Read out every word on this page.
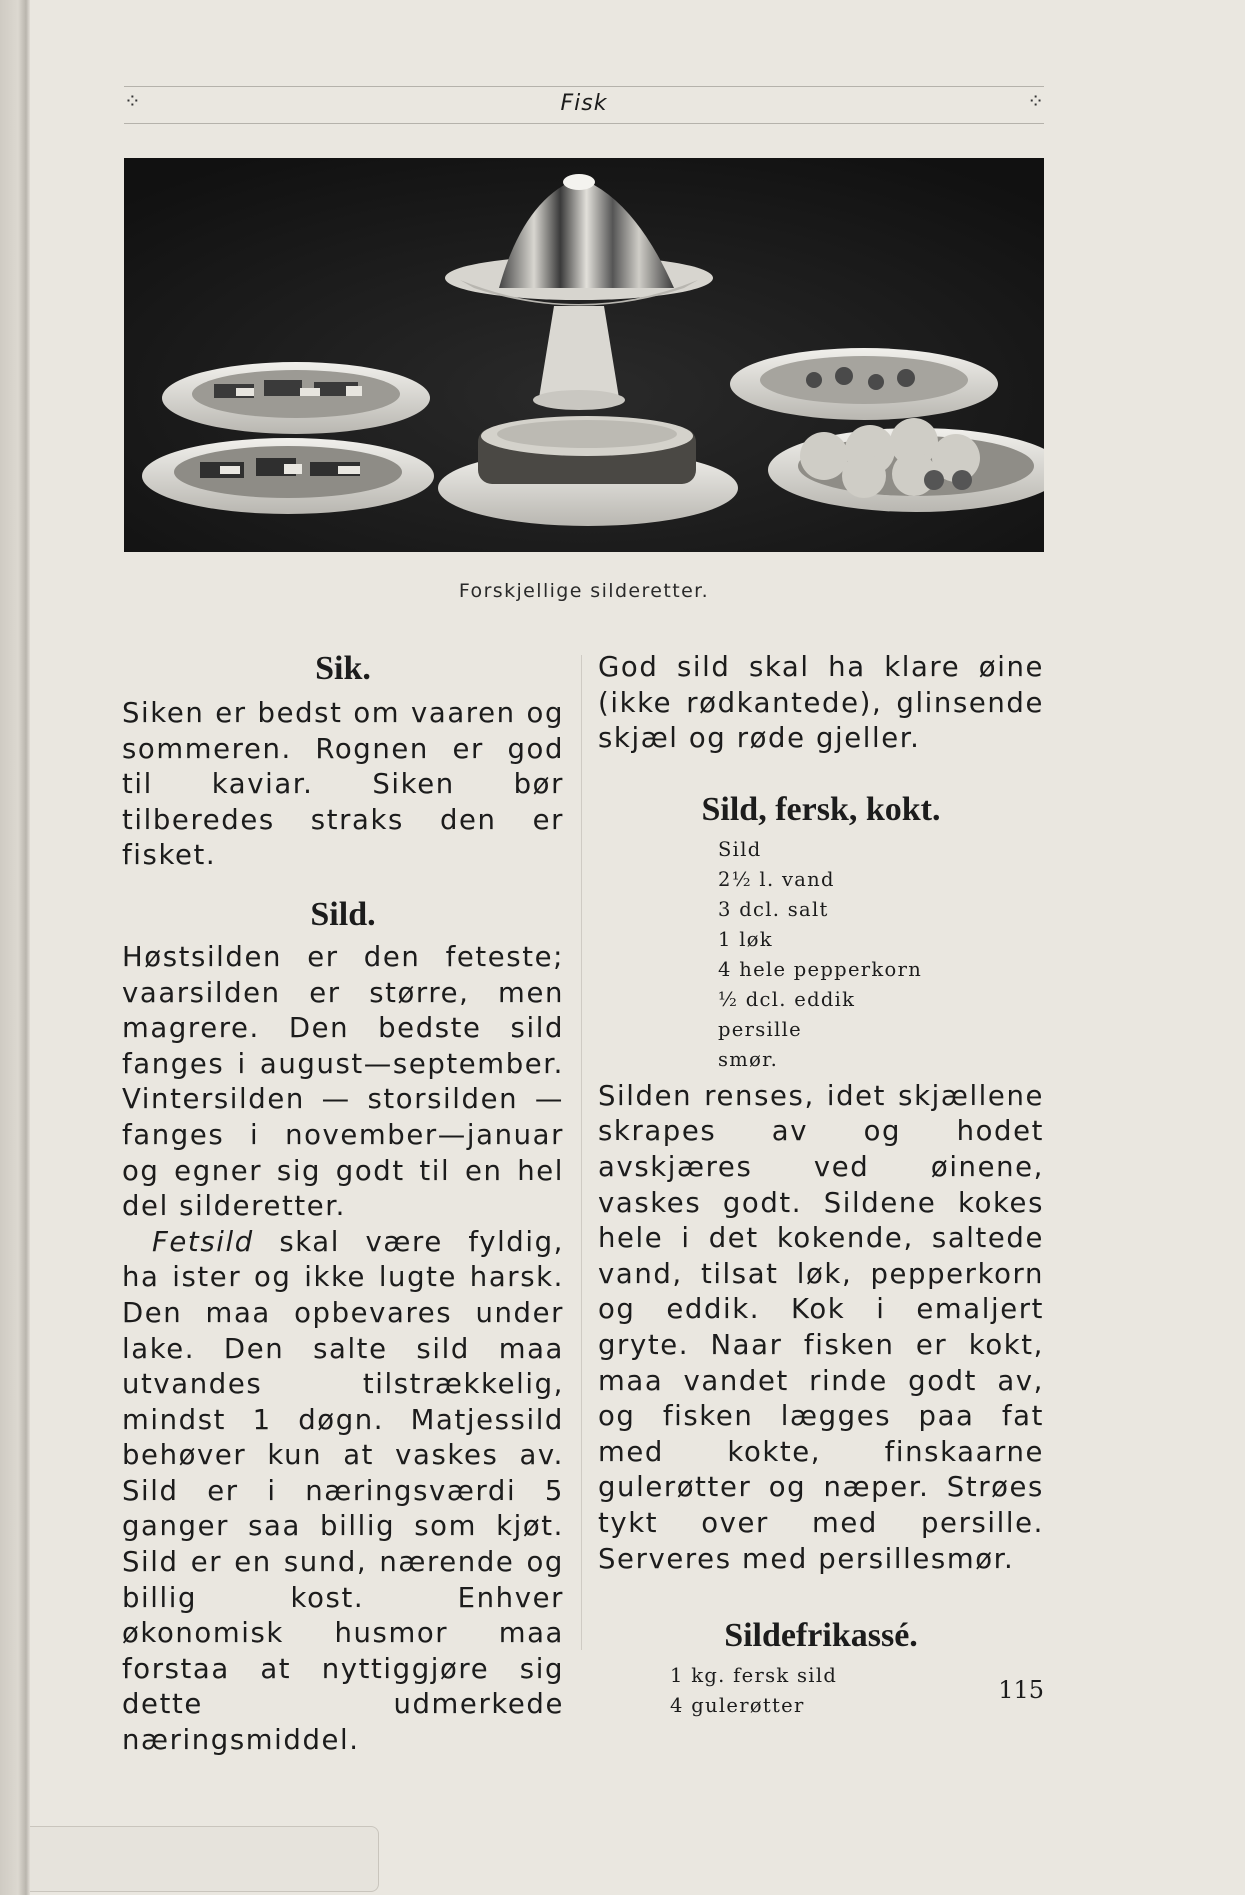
⁘	Fisk	⁘
Forskjellige silderetter.
Sik.

Siken er bedst om vaaren og sommeren. Rognen er god til kaviar. Siken bør tilberedes straks den er fisket.

Sild.

Høstsilden er den feteste; vaarsilden er større, men magrere. Den bedste sild fanges i august—september. Vintersilden — storsilden — fanges i november—januar og egner sig godt til en hel del silderetter.

Fetsild skal være fyldig, ha ister og ikke lugte harsk. Den maa opbevares under lake. Den salte sild maa utvandes tilstrækkelig, mindst 1 døgn. Matjessild behøver kun at vaskes av. Sild er i næringsværdi 5 ganger saa billig som kjøt. Sild er en sund, nærende og billig kost. Enhver økonomisk husmor maa forstaa at nyttiggjøre sig dette udmerkede næringsmiddel.

God sild skal ha klare øine (ikke rødkantede), glinsende skjæl og røde gjeller.

Sild, fersk, kokt.
Sild
2½ l. vand
3 dcl. salt
1 løk
4 hele pepperkorn
½ dcl. eddik
persille
smør.

Silden renses, idet skjællene skrapes av og hodet avskjæres ved øinene, vaskes godt. Sildene kokes hele i det kokende, saltede vand, tilsat løk, pepperkorn og eddik. Kok i emaljert gryte. Naar fisken er kokt, maa vandet rinde godt av, og fisken lægges paa fat med kokte, finskaarne gulerøtter og næper. Strøes tykt over med persille. Serveres med persillesmør.

Sildefrikassé.
1 kg. fersk sild
4 gulerøtter
115
